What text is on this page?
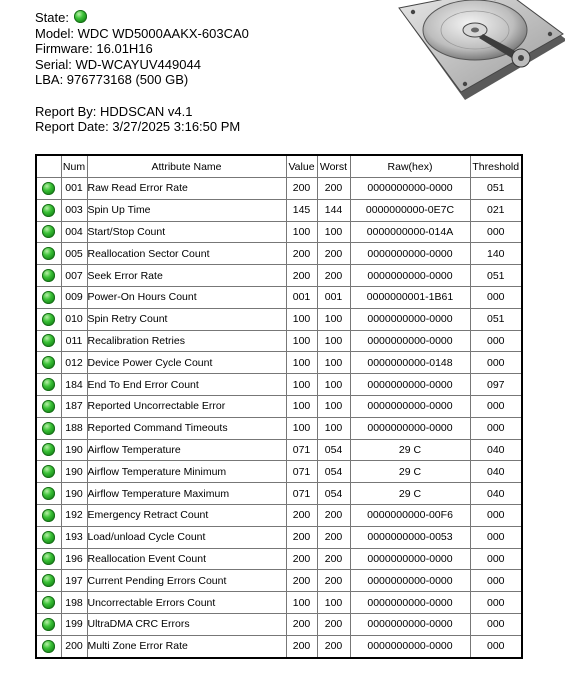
State:
Model: WDC WD5000AAKX-603CA0
Firmware: 16.01H16
Serial: WD-WCAYUV449044
LBA: 976773168 (500 GB)
Report By: HDDSCAN v4.1
Report Date: 3/27/2025 3:16:50 PM
	Num	Attribute Name	Value	Worst	Raw(hex)	Threshold
	001	Raw Read Error Rate	200	200	0000000000-0000	051
	003	Spin Up Time	145	144	0000000000-0E7C	021
	004	Start/Stop Count	100	100	0000000000-014A	000
	005	Reallocation Sector Count	200	200	0000000000-0000	140
	007	Seek Error Rate	200	200	0000000000-0000	051
	009	Power-On Hours Count	001	001	0000000001-1B61	000
	010	Spin Retry Count	100	100	0000000000-0000	051
	011	Recalibration Retries	100	100	0000000000-0000	000
	012	Device Power Cycle Count	100	100	0000000000-0148	000
	184	End To End Error Count	100	100	0000000000-0000	097
	187	Reported Uncorrectable Error	100	100	0000000000-0000	000
	188	Reported Command Timeouts	100	100	0000000000-0000	000
	190	Airflow Temperature	071	054	29 C	040
	190	Airflow Temperature Minimum	071	054	29 C	040
	190	Airflow Temperature Maximum	071	054	29 C	040
	192	Emergency Retract Count	200	200	0000000000-00F6	000
	193	Load/unload Cycle Count	200	200	0000000000-0053	000
	196	Reallocation Event Count	200	200	0000000000-0000	000
	197	Current Pending Errors Count	200	200	0000000000-0000	000
	198	Uncorrectable Errors Count	100	100	0000000000-0000	000
	199	UltraDMA CRC Errors	200	200	0000000000-0000	000
	200	Multi Zone Error Rate	200	200	0000000000-0000	000
